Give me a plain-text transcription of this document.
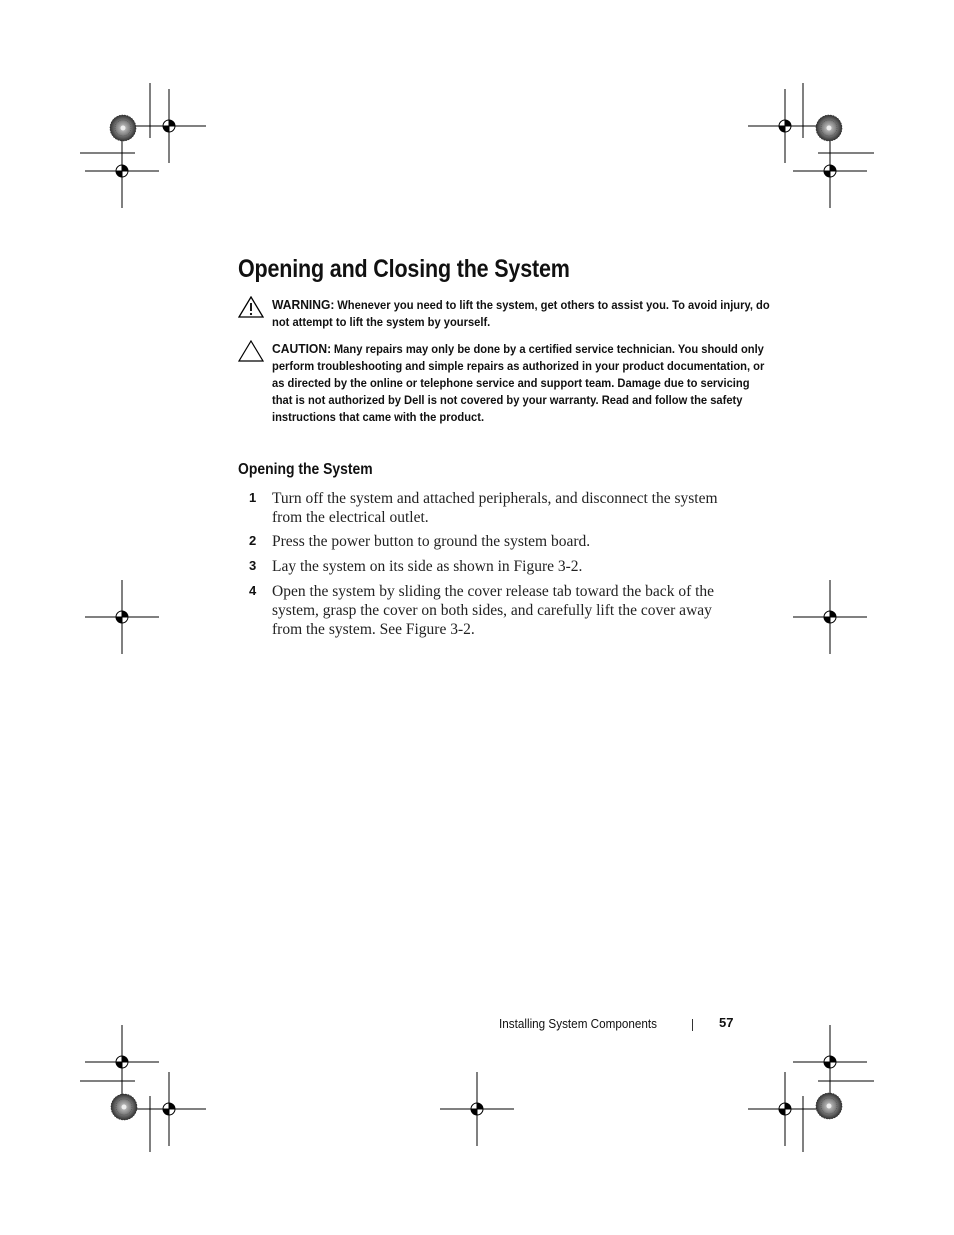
Opening and Closing the System
WARNING: Whenever you need to lift the system, get others to assist you. To avoid injury, do not attempt to lift the system by yourself.
CAUTION: Many repairs may only be done by a certified service technician. You should only perform troubleshooting and simple repairs as authorized in your product documentation, or as directed by the online or telephone service and support team. Damage due to servicing that is not authorized by Dell is not covered by your warranty. Read and follow the safety instructions that came with the product.
Opening the System
1 Turn off the system and attached peripherals, and disconnect the system from the electrical outlet.
2 Press the power button to ground the system board.
3 Lay the system on its side as shown in Figure 3-2.
4 Open the system by sliding the cover release tab toward the back of the system, grasp the cover on both sides, and carefully lift the cover away from the system. See Figure 3-2.
Installing System Components	57
